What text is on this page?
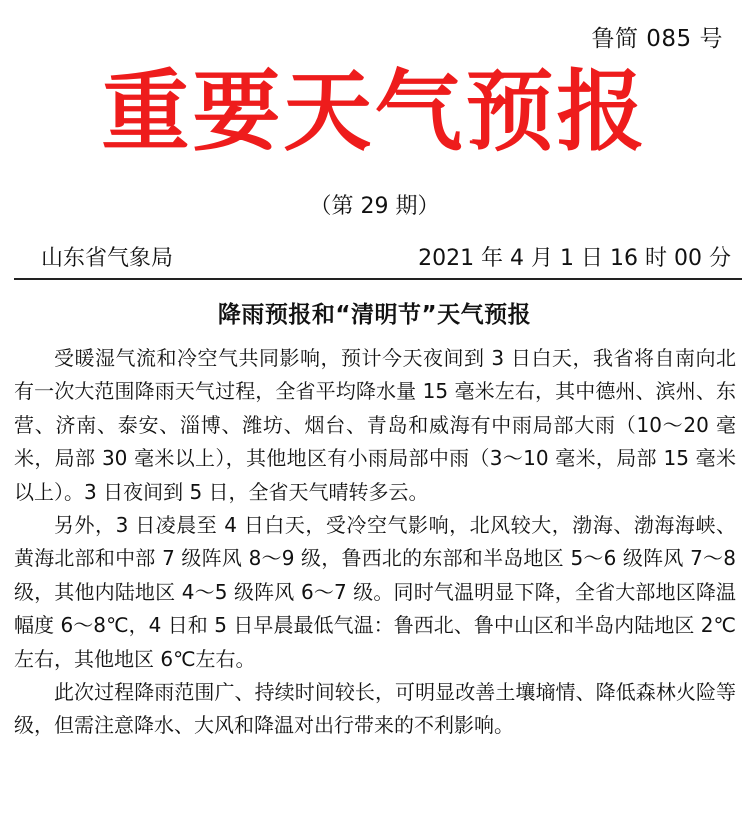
鲁简 085 号
重要天气预报
（第 29 期）
山东省气象局	2021 年 4 月 1 日 16 时 00 分
降雨预报和“清明节”天气预报

受暖湿气流和冷空气共同影响，预计今天夜间到 3 日白天，我省将自南向北有一次大范围降雨天气过程，全省平均降水量 15 毫米左右，其中德州、滨州、东营、济南、泰安、淄博、潍坊、烟台、青岛和威海有中雨局部大雨（10～20 毫米，局部 30 毫米以上），其他地区有小雨局部中雨（3～10 毫米，局部 15 毫米以上）。3 日夜间到 5 日，全省天气晴转多云。

另外，3 日凌晨至 4 日白天，受冷空气影响，北风较大，渤海、渤海海峡、黄海北部和中部 7 级阵风 8～9 级，鲁西北的东部和半岛地区 5～6 级阵风 7～8 级，其他内陆地区 4～5 级阵风 6～7 级。同时气温明显下降，全省大部地区降温幅度 6～8℃，4 日和 5 日早晨最低气温：鲁西北、鲁中山区和半岛内陆地区 2℃左右，其他地区 6℃左右。

此次过程降雨范围广、持续时间较长，可明显改善土壤墒情、降低森林火险等级，但需注意降水、大风和降温对出行带来的不利影响。
